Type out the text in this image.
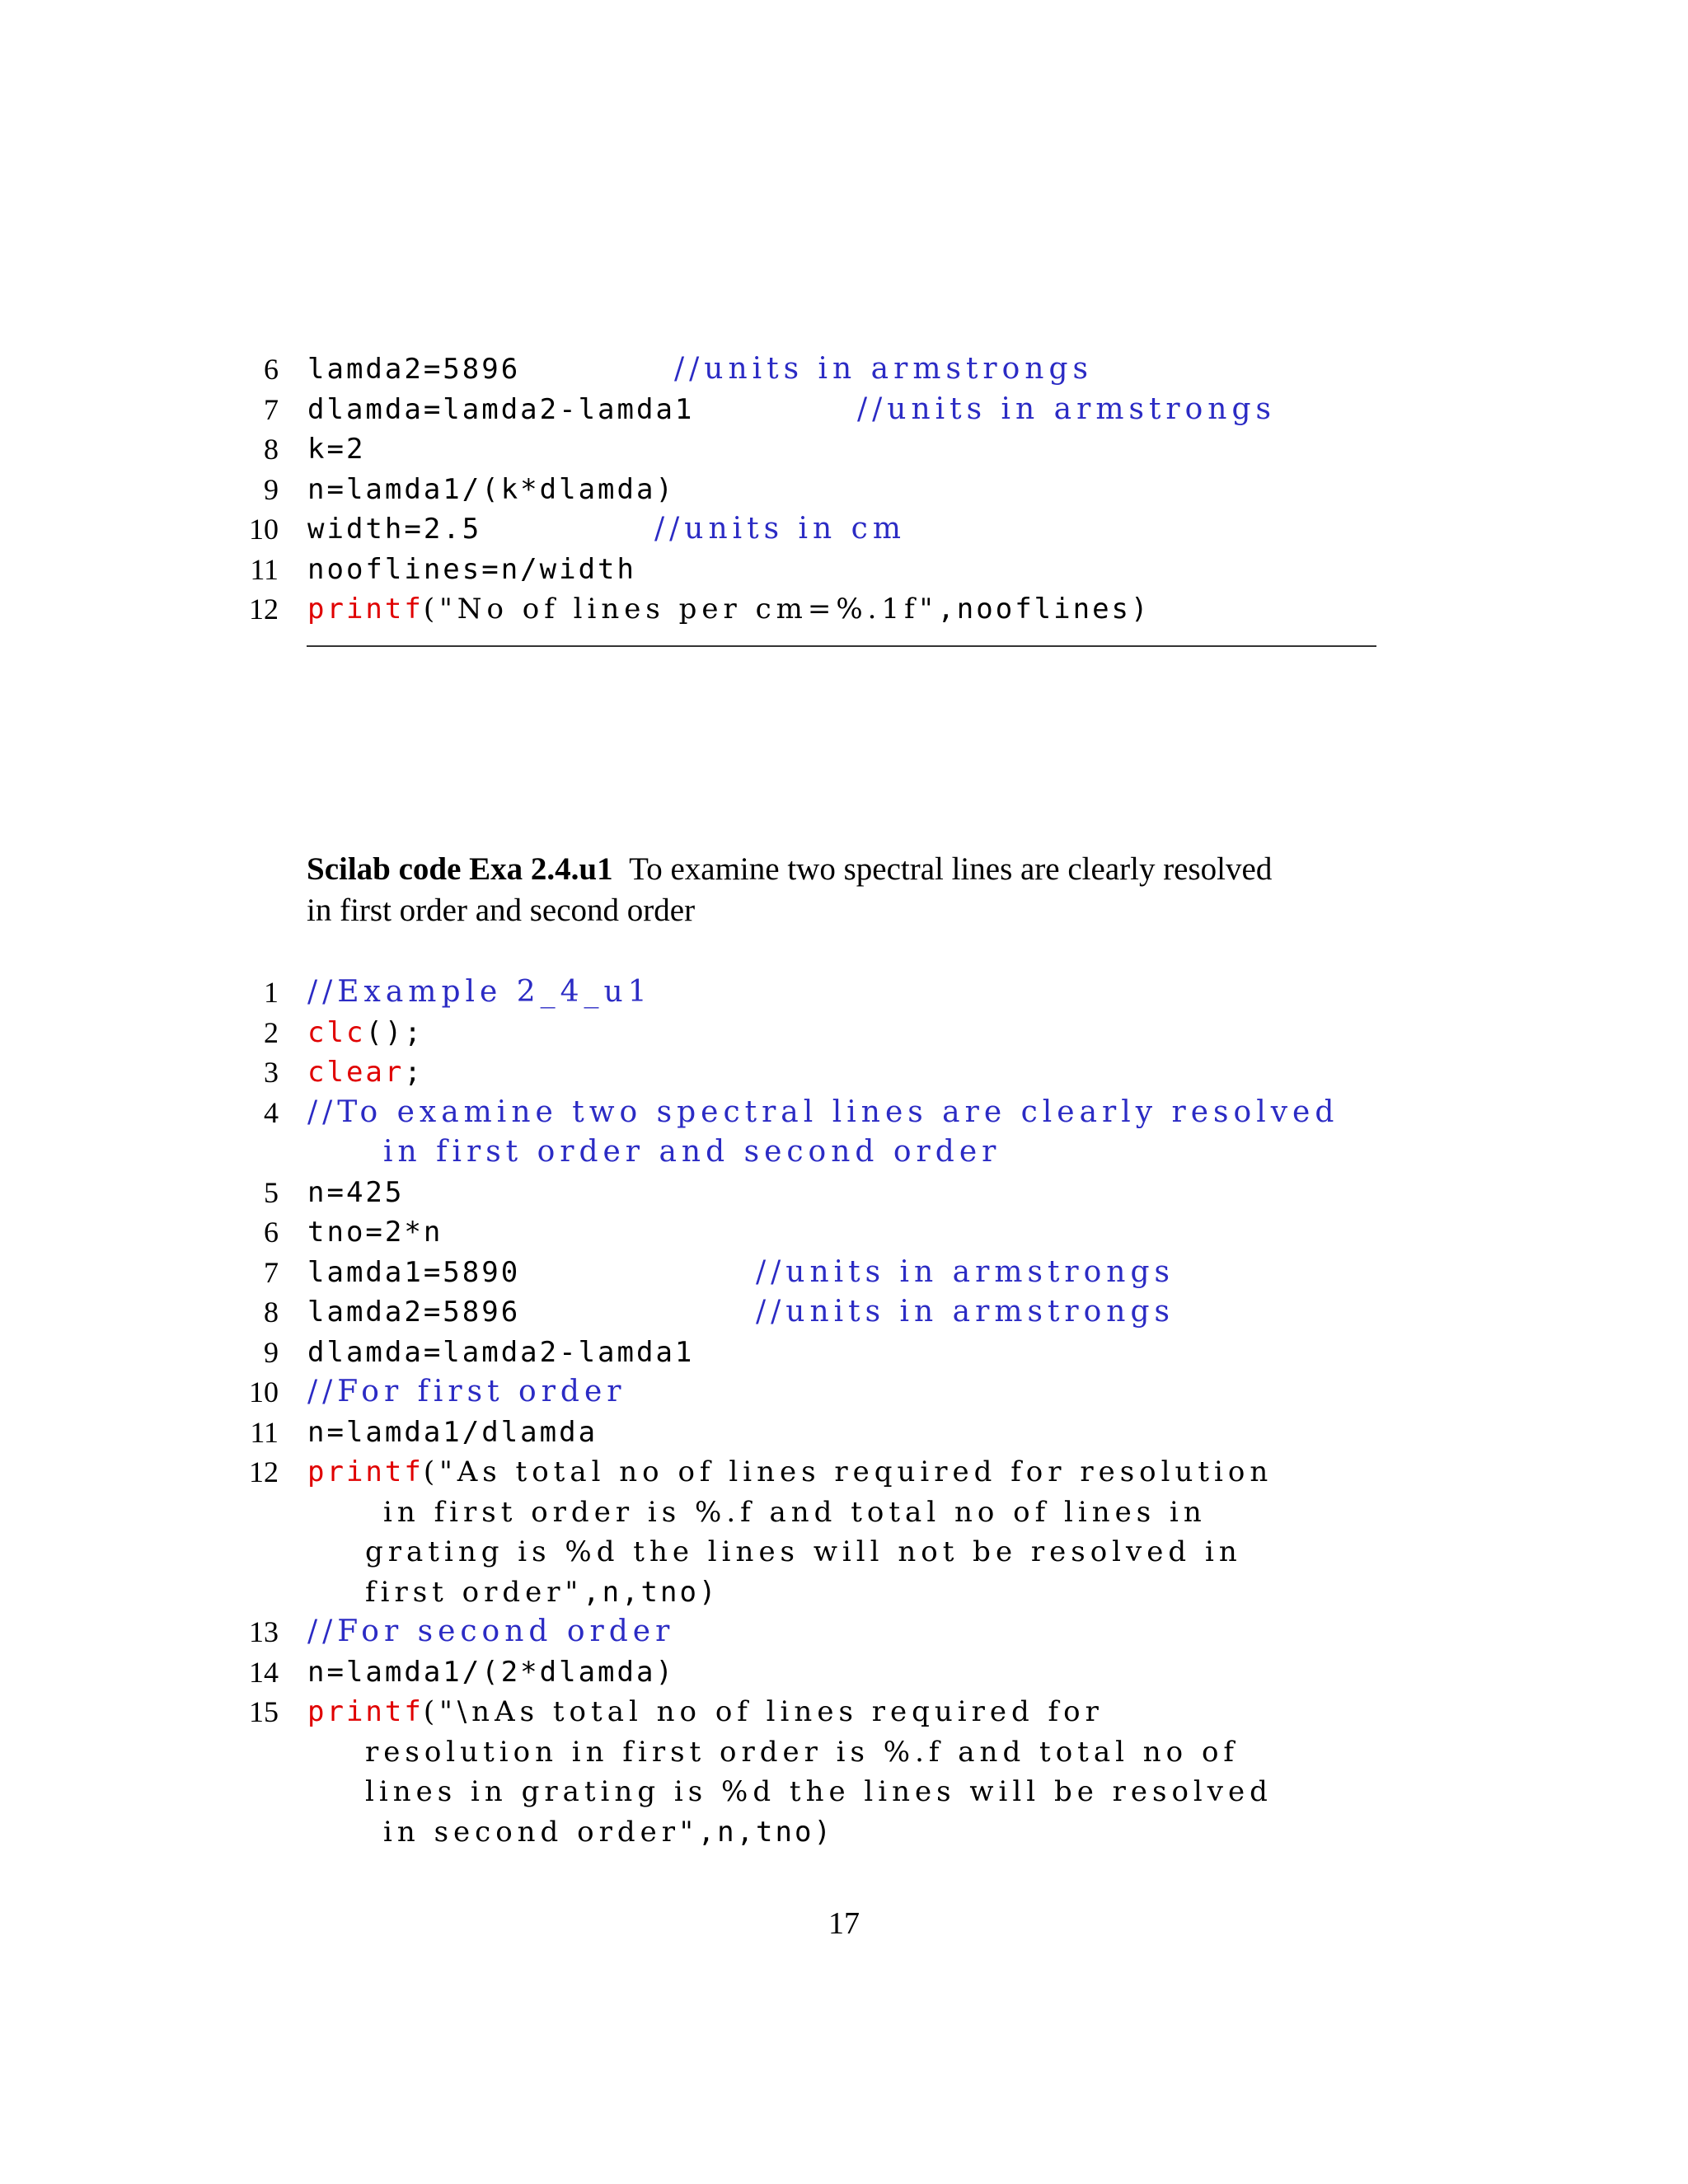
6

lamda2=5896

	//units in armstrongs

7

dlamda=lamda2-lamda1

	//units in armstrongs

8

k=2

9

n=lamda1/(k*dlamda)

10

width=2.5

	//units in cm

11

nooflines=n/width

12

printf("No of lines per cm=%.1f",nooflines)

Scilab code Exa 2.4.u1 To examine two spectral lines are clearly resolved
in first order and second order

1

//Example 2_4_u1

2

clc();

3

clear;

4

//To examine two spectral lines are clearly resolved

in first order and second order

5

n=425

6

tno=2*n

7

lamda1=5890

	//units in armstrongs

8

lamda2=5896

	//units in armstrongs

9

dlamda=lamda2-lamda1

10

//For first order

11

n=lamda1/dlamda

12

printf("As total no of lines required for resolution

in first order is %.f and total no of lines in

grating is %d the lines will not be resolved in

first order",n,tno)

13

//For second order

14

n=lamda1/(2*dlamda)

15

printf("\nAs total no of lines required for

resolution in first order is %.f and total no of

lines in grating is %d the lines will be resolved

in second order",n,tno)

17
